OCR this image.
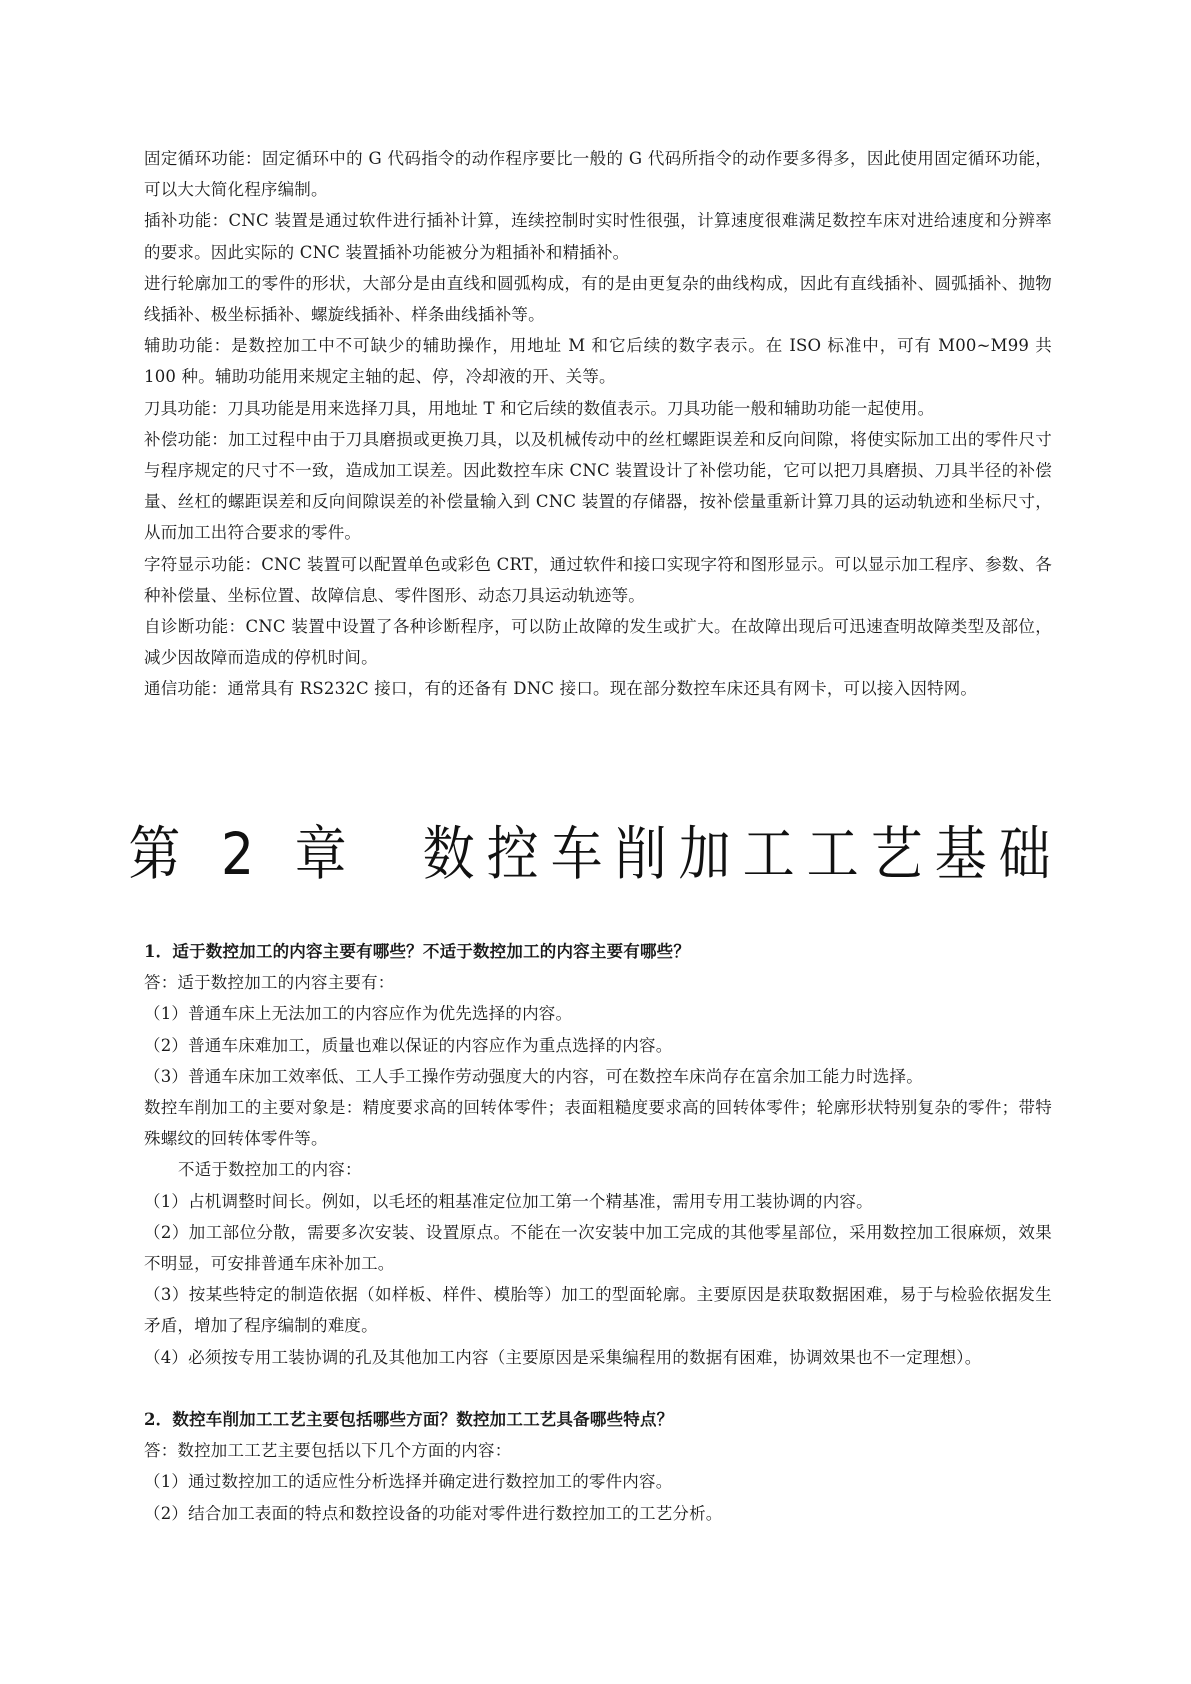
固定循环功能：固定循环中的 G 代码指令的动作程序要比一般的 G 代码所指令的动作要多得多，因此使用固定循环功能，可以大大简化程序编制。

插补功能：CNC 装置是通过软件进行插补计算，连续控制时实时性很强，计算速度很难满足数控车床对进给速度和分辨率的要求。因此实际的 CNC 装置插补功能被分为粗插补和精插补。

进行轮廓加工的零件的形状，大部分是由直线和圆弧构成，有的是由更复杂的曲线构成，因此有直线插补、圆弧插补、抛物线插补、极坐标插补、螺旋线插补、样条曲线插补等。

辅助功能：是数控加工中不可缺少的辅助操作，用地址 M 和它后续的数字表示。在 ISO 标准中，可有 M00~M99 共 100 种。辅助功能用来规定主轴的起、停，冷却液的开、关等。

刀具功能：刀具功能是用来选择刀具，用地址 T 和它后续的数值表示。刀具功能一般和辅助功能一起使用。

补偿功能：加工过程中由于刀具磨损或更换刀具，以及机械传动中的丝杠螺距误差和反向间隙，将使实际加工出的零件尺寸与程序规定的尺寸不一致，造成加工误差。因此数控车床 CNC 装置设计了补偿功能，它可以把刀具磨损、刀具半径的补偿量、丝杠的螺距误差和反向间隙误差的补偿量输入到 CNC 装置的存储器，按补偿量重新计算刀具的运动轨迹和坐标尺寸，从而加工出符合要求的零件。

字符显示功能：CNC 装置可以配置单色或彩色 CRT，通过软件和接口实现字符和图形显示。可以显示加工程序、参数、各种补偿量、坐标位置、故障信息、零件图形、动态刀具运动轨迹等。

自诊断功能：CNC 装置中设置了各种诊断程序，可以防止故障的发生或扩大。在故障出现后可迅速查明故障类型及部位，减少因故障而造成的停机时间。

通信功能：通常具有 RS232C 接口，有的还备有 DNC 接口。现在部分数控车床还具有网卡，可以接入因特网。

第 2 章　数控车削加工工艺基础

1．适于数控加工的内容主要有哪些？不适于数控加工的内容主要有哪些？

答：适于数控加工的内容主要有：

（1）普通车床上无法加工的内容应作为优先选择的内容。

（2）普通车床难加工，质量也难以保证的内容应作为重点选择的内容。

（3）普通车床加工效率低、工人手工操作劳动强度大的内容，可在数控车床尚存在富余加工能力时选择。

数控车削加工的主要对象是：精度要求高的回转体零件；表面粗糙度要求高的回转体零件；轮廓形状特别复杂的零件；带特殊螺纹的回转体零件等。

不适于数控加工的内容：

（1）占机调整时间长。例如，以毛坯的粗基准定位加工第一个精基准，需用专用工装协调的内容。

（2）加工部位分散，需要多次安装、设置原点。不能在一次安装中加工完成的其他零星部位，采用数控加工很麻烦，效果不明显，可安排普通车床补加工。

（3）按某些特定的制造依据（如样板、样件、模胎等）加工的型面轮廓。主要原因是获取数据困难，易于与检验依据发生矛盾，增加了程序编制的难度。

（4）必须按专用工装协调的孔及其他加工内容（主要原因是采集编程用的数据有困难，协调效果也不一定理想）。

2．数控车削加工工艺主要包括哪些方面？数控加工工艺具备哪些特点？

答：数控加工工艺主要包括以下几个方面的内容：

（1）通过数控加工的适应性分析选择并确定进行数控加工的零件内容。

（2）结合加工表面的特点和数控设备的功能对零件进行数控加工的工艺分析。
